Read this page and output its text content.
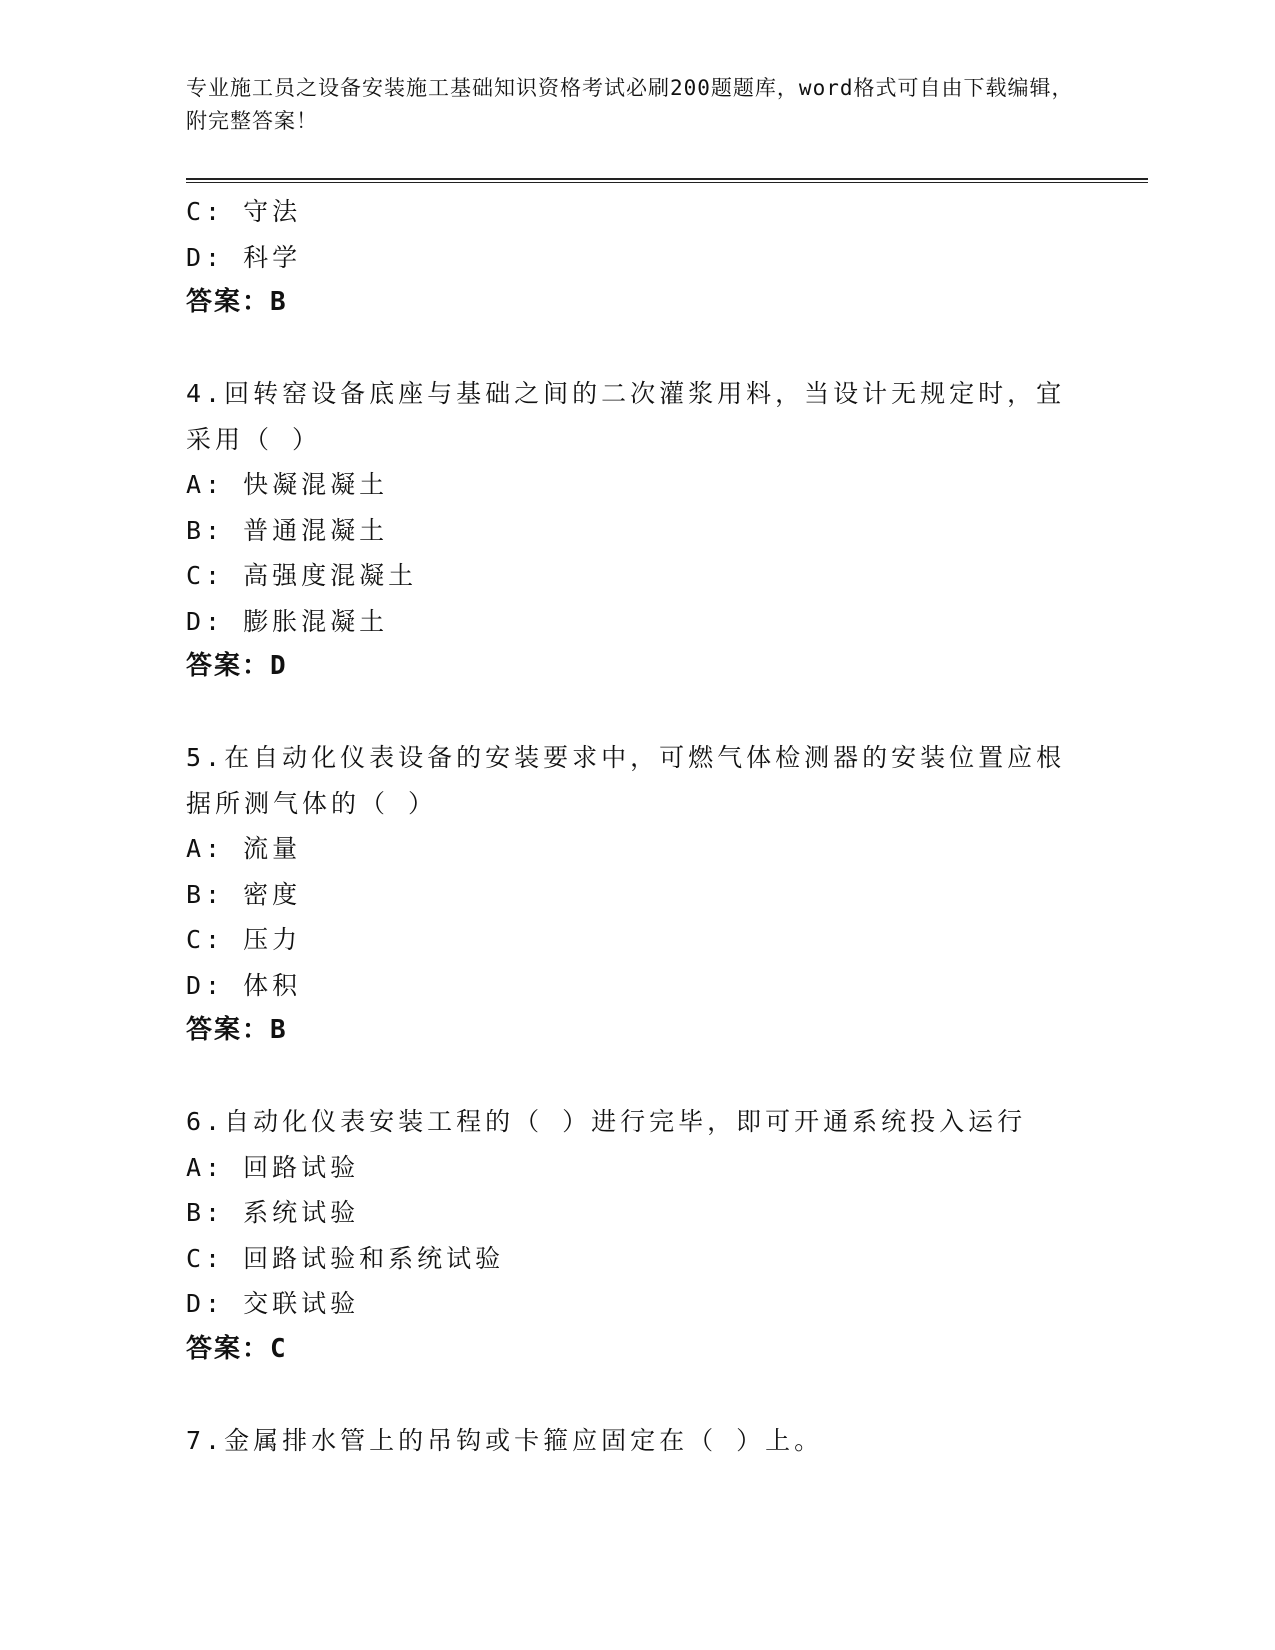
专业施工员之设备安装施工基础知识资格考试必刷200题题库，word格式可自由下载编辑，附完整答案！
C: 守法
D: 科学
答案：B
4.回转窑设备底座与基础之间的二次灌浆用料，当设计无规定时，宜
采用（ ）
A: 快凝混凝土
B: 普通混凝土
C: 高强度混凝土
D: 膨胀混凝土
答案：D
5.在自动化仪表设备的安装要求中，可燃气体检测器的安装位置应根
据所测气体的（ ）
A: 流量
B: 密度
C: 压力
D: 体积
答案：B
6.自动化仪表安装工程的（ ）进行完毕，即可开通系统投入运行
A: 回路试验
B: 系统试验
C: 回路试验和系统试验
D: 交联试验
答案：C
7.金属排水管上的吊钩或卡箍应固定在（ ）上。
